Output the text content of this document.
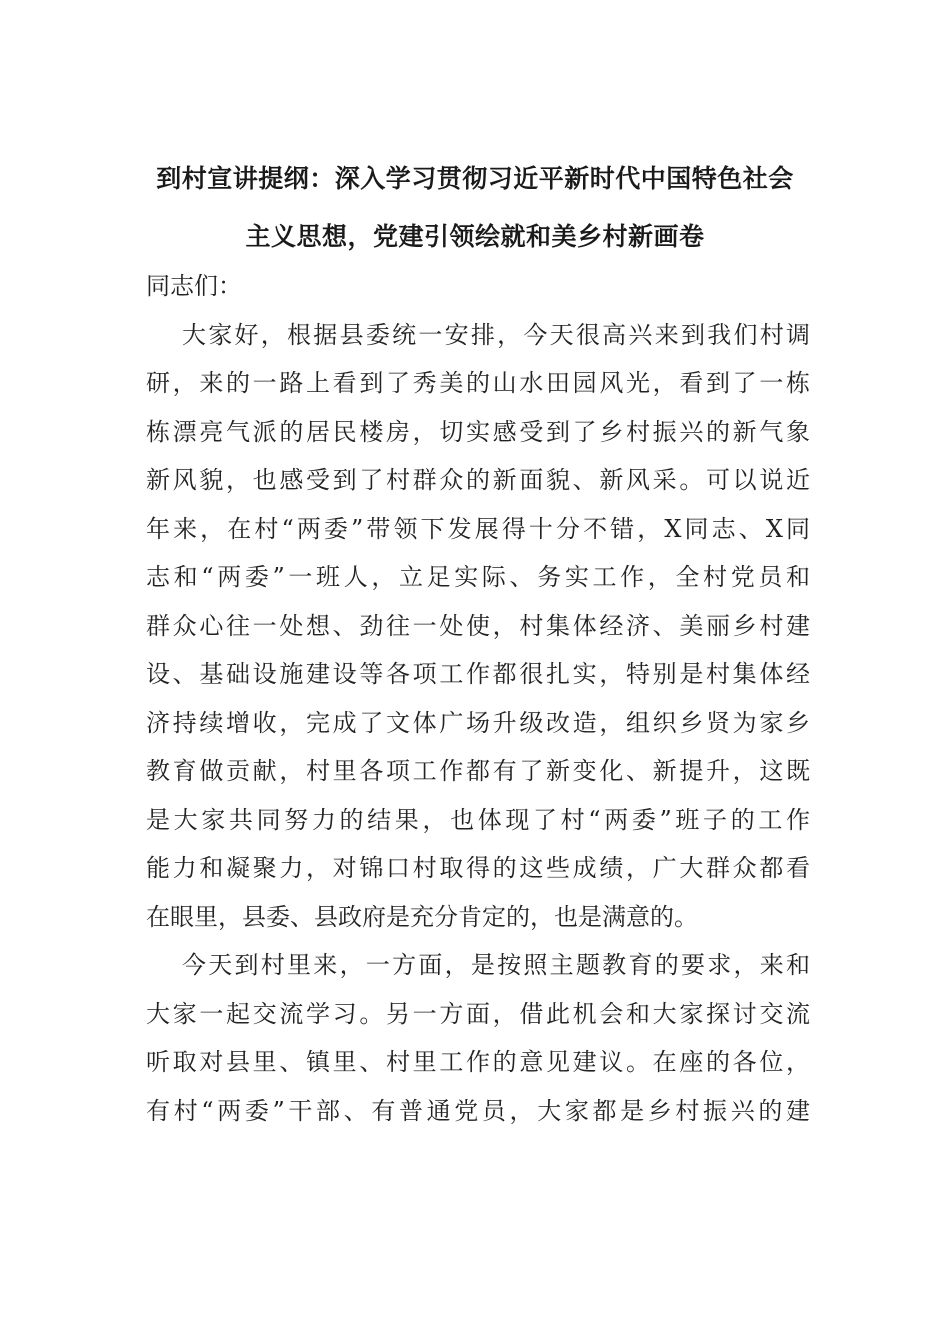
到村宣讲提纲：深入学习贯彻习近平新时代中国特色社会
主义思想，党建引领绘就和美乡村新画卷
同志们：
大家好，根据县委统一安排，今天很高兴来到我们村调
研，来的一路上看到了秀美的山水田园风光，看到了一栋
栋漂亮气派的居民楼房，切实感受到了乡村振兴的新气象
新风貌，也感受到了村群众的新面貌、新风采。可以说近
年来，在村“两委”带领下发展得十分不错，X同志、X同
志和“两委”一班人，立足实际、务实工作，全村党员和
群众心往一处想、劲往一处使，村集体经济、美丽乡村建
设、基础设施建设等各项工作都很扎实，特别是村集体经
济持续增收，完成了文体广场升级改造，组织乡贤为家乡
教育做贡献，村里各项工作都有了新变化、新提升，这既
是大家共同努力的结果，也体现了村“两委”班子的工作
能力和凝聚力，对锦口村取得的这些成绩，广大群众都看
在眼里，县委、县政府是充分肯定的，也是满意的。
今天到村里来，一方面，是按照主题教育的要求，来和
大家一起交流学习。另一方面，借此机会和大家探讨交流
听取对县里、镇里、村里工作的意见建议。在座的各位，
有村“两委”干部、有普通党员，大家都是乡村振兴的建
